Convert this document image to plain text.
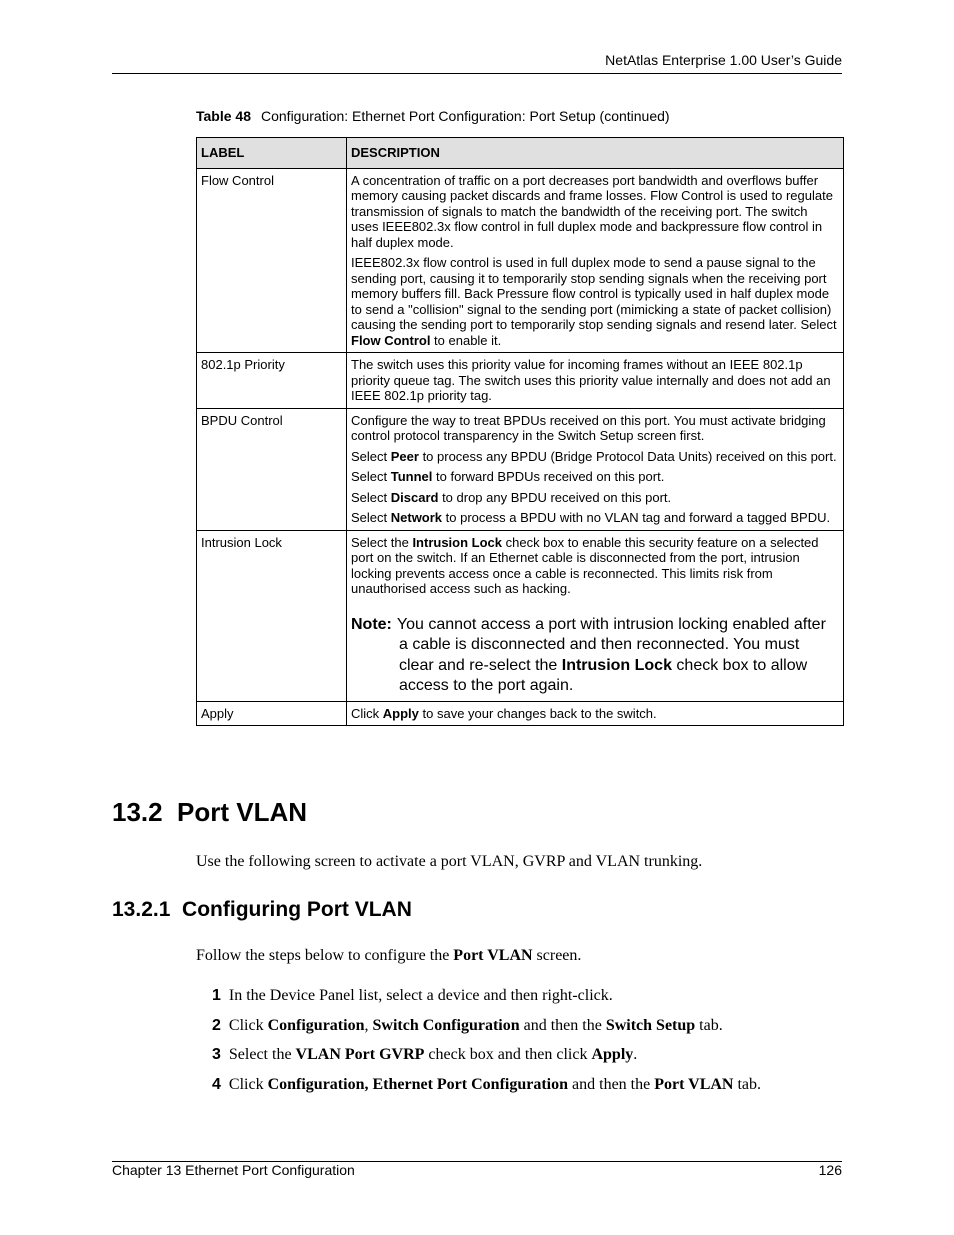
NetAtlas Enterprise 1.00 User’s Guide
Table 48 Configuration: Ethernet Port Configuration: Port Setup (continued)
LABEL	DESCRIPTION
Flow Control	A concentration of traffic on a port decreases port bandwidth and overflows buffer memory causing packet discards and frame losses. Flow Control is used to regulate transmission of signals to match the bandwidth of the receiving port. The switch uses IEEE802.3x flow control in full duplex mode and backpressure flow control in half duplex mode.

IEEE802.3x flow control is used in full duplex mode to send a pause signal to the sending port, causing it to temporarily stop sending signals when the receiving port memory buffers fill. Back Pressure flow control is typically used in half duplex mode to send a "collision" signal to the sending port (mimicking a state of packet collision) causing the sending port to temporarily stop sending signals and resend later. Select Flow Control to enable it.

802.1p Priority	The switch uses this priority value for incoming frames without an IEEE 802.1p priority queue tag. The switch uses this priority value internally and does not add an IEEE 802.1p priority tag.
BPDU Control	Configure the way to treat BPDUs received on this port. You must activate bridging control protocol transparency in the Switch Setup screen first.

Select Peer to process any BPDU (Bridge Protocol Data Units) received on this port.

Select Tunnel to forward BPDUs received on this port.

Select Discard to drop any BPDU received on this port.

Select Network to process a BPDU with no VLAN tag and forward a tagged BPDU.

Intrusion Lock	Select the Intrusion Lock check box to enable this security feature on a selected port on the switch. If an Ethernet cable is disconnected from the port, intrusion locking prevents access once a cable is reconnected. This limits risk from unauthorised access such as hacking.

Note: You cannot access a port with intrusion locking enabled after a cable is disconnected and then reconnected. You must clear and re-select the Intrusion Lock check box to allow access to the port again.

Apply	Click Apply to save your changes back to the switch.
13.2  Port VLAN
Use the following screen to activate a port VLAN, GVRP and VLAN trunking.
13.2.1  Configuring Port VLAN
Follow the steps below to configure the Port VLAN screen.
1 In the Device Panel list, select a device and then right-click.
2 Click Configuration, Switch Configuration and then the Switch Setup tab.
3 Select the VLAN Port GVRP check box and then click Apply.
4 Click Configuration, Ethernet Port Configuration and then the Port VLAN tab.
Chapter 13 Ethernet Port Configuration	126
